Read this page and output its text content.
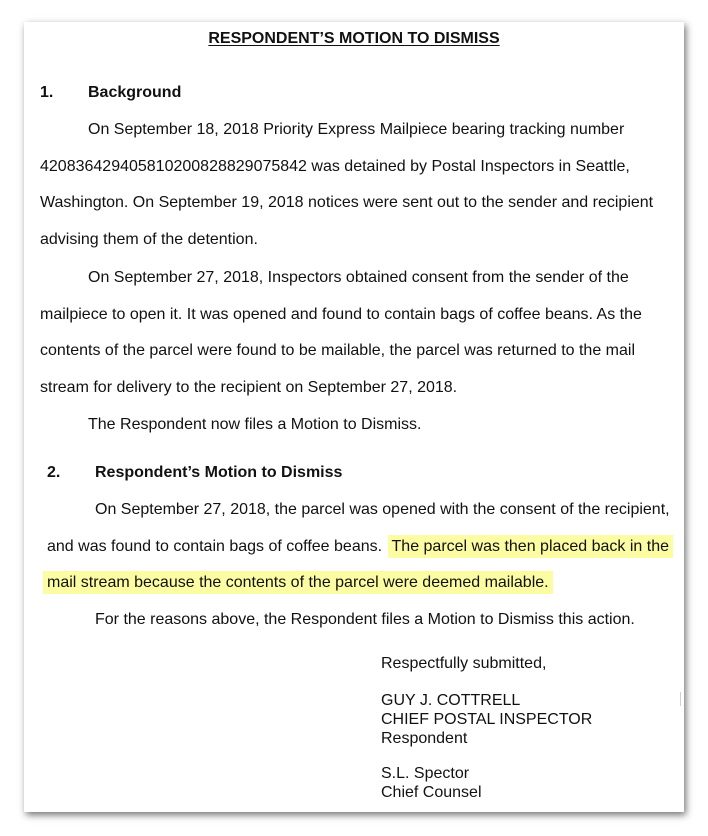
RESPONDENT’S MOTION TO DISMISS
1. Background
On September 18, 2018 Priority Express Mailpiece bearing tracking number
420836429405810200828829075842 was detained by Postal Inspectors in Seattle,
Washington. On September 19, 2018 notices were sent out to the sender and recipient
advising them of the detention.
On September 27, 2018, Inspectors obtained consent from the sender of the
mailpiece to open it. It was opened and found to contain bags of coffee beans. As the
contents of the parcel were found to be mailable, the parcel was returned to the mail
stream for delivery to the recipient on September 27, 2018.
The Respondent now files a Motion to Dismiss.
2. Respondent’s Motion to Dismiss
On September 27, 2018, the parcel was opened with the consent of the recipient,
and was found to contain bags of coffee beans. The parcel was then placed back in the
mail stream because the contents of the parcel were deemed mailable.
For the reasons above, the Respondent files a Motion to Dismiss this action.
Respectfully submitted,
GUY J. COTTRELL
CHIEF POSTAL INSPECTOR
Respondent
S.L. Spector
Chief Counsel
